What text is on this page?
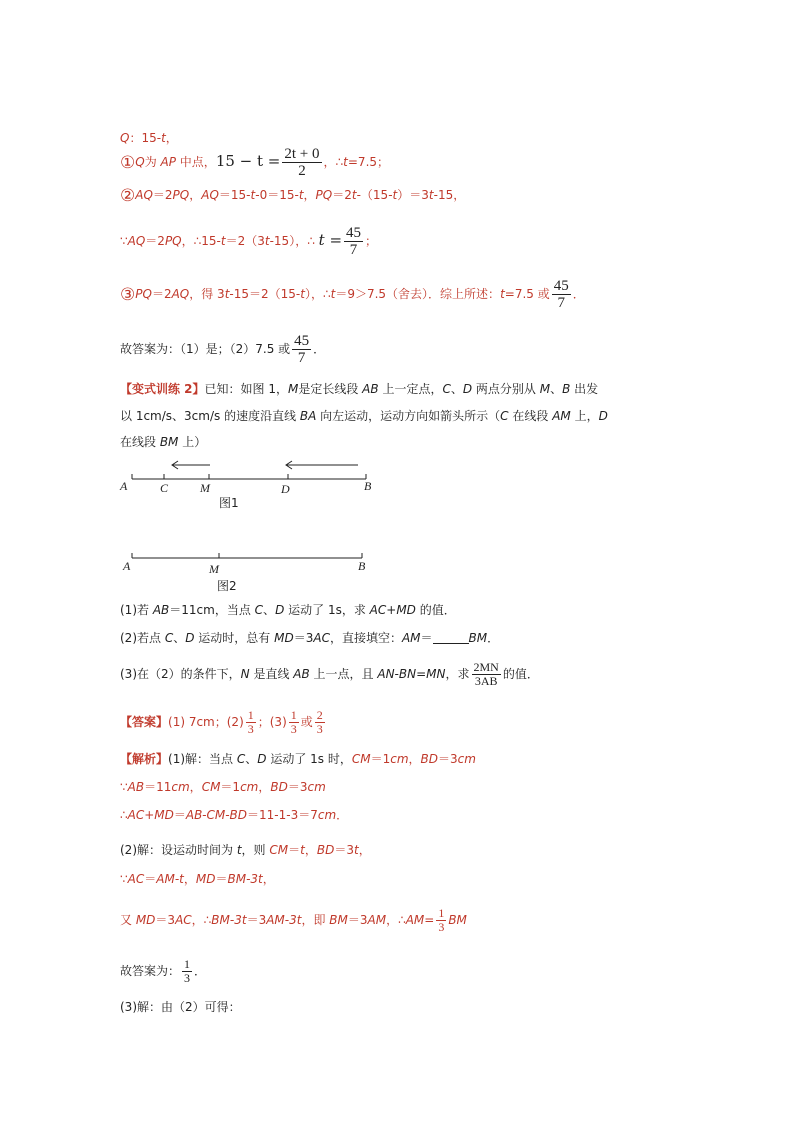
Q：15-t，
①Q为 AP 中点，$15 - t = \frac{2t + 0}{2}$ ，∴t=7.5；
②AQ＝2PQ，AQ＝15-t-0＝15-t，PQ＝2t-（15-t）＝3t-15，
∵AQ＝2PQ，∴15-t＝2（3t-15），∴ $t = \frac{45}{7}$ ；
③PQ＝2AQ，得 3t-15＝2（15-t），∴t＝9＞7.5（舍去）．综上所述：t=7.5 或 $\frac{45}{7}$ ．
故答案为：（1）是；（2）7.5 或 $\frac{45}{7}$ ．
【变式训练 2】已知：如图 1，M是定长线段 AB 上一定点，C、D 两点分别从 M、B 出发
以 1cm/s、3cm/s 的速度沿直线 BA 向左运动，运动方向如箭头所示（C 在线段 AM 上，D
在线段 BM 上）
A	C	M	D	B
图1
A	M	B
图2
(1)若 AB＝11cm，当点 C、D 运动了 1s，求 AC+MD 的值．
(2)若点 C、D 运动时，总有 MD＝3AC，直接填空：AM＝	BM．
(3)在（2）的条件下，N 是直线 AB 上一点，且 AN-BN=MN，求 $\frac{2MN}{3AB}$ 的值．
【答案】(1) 7cm；$(2) \frac{1}{3}$ ；$(3) \frac{1}{3}$ 或 $\frac{2}{3}$
【解析】(1)解：当点 C、D 运动了 1s 时，CM＝1cm，BD＝3cm
∵AB＝11cm，CM＝1cm，BD＝3cm
∴AC+MD＝AB-CM-BD＝11-1-3＝7cm．
(2)解：设运动时间为 t，则 CM＝t，BD＝3t，
∵AC＝AM-t，MD＝BM-3t，
又 MD＝3AC，∴BM-3t＝3AM-3t，即 BM＝3AM，∴AM= $\frac{1}{3}$ BM
故答案为： $\frac{1}{3}$ ．
(3)解：由（2）可得：
